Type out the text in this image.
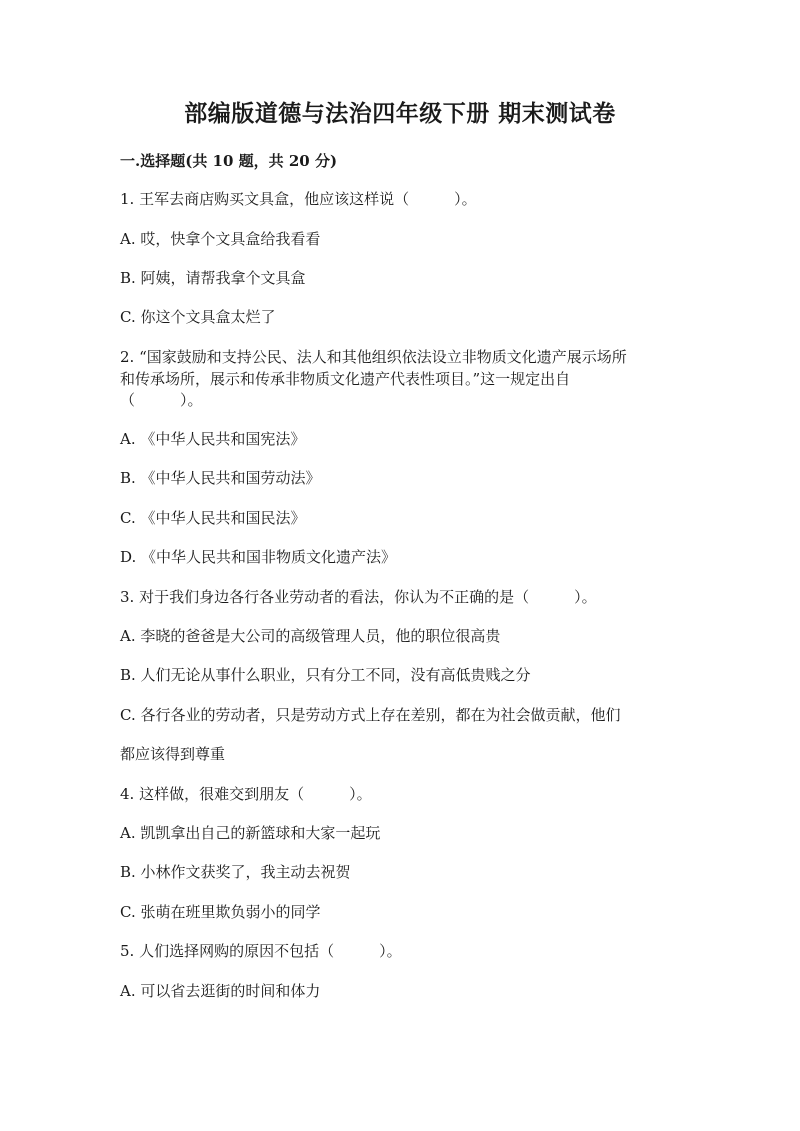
部编版道德与法治四年级下册 期末测试卷
一.选择题(共 10 题，共 20 分)
1. 王军去商店购买文具盒，他应该这样说（　　　）。
A. 哎，快拿个文具盒给我看看
B. 阿姨，请帮我拿个文具盒
C. 你这个文具盒太烂了
2. “国家鼓励和支持公民、法人和其他组织依法设立非物质文化遗产展示场所
和传承场所，展示和传承非物质文化遗产代表性项目。”这一规定出自
（　　　）。
A. 《中华人民共和国宪法》
B. 《中华人民共和国劳动法》
C. 《中华人民共和国民法》
D. 《中华人民共和国非物质文化遗产法》
3. 对于我们身边各行各业劳动者的看法，你认为不正确的是（　　　）。
A. 李晓的爸爸是大公司的高级管理人员，他的职位很高贵
B. 人们无论从事什么职业，只有分工不同，没有高低贵贱之分
C. 各行各业的劳动者，只是劳动方式上存在差别，都在为社会做贡献，他们
都应该得到尊重
4. 这样做，很难交到朋友（　　　）。
A. 凯凯拿出自己的新篮球和大家一起玩
B. 小林作文获奖了，我主动去祝贺
C. 张萌在班里欺负弱小的同学
5. 人们选择网购的原因不包括（　　　）。
A. 可以省去逛街的时间和体力
